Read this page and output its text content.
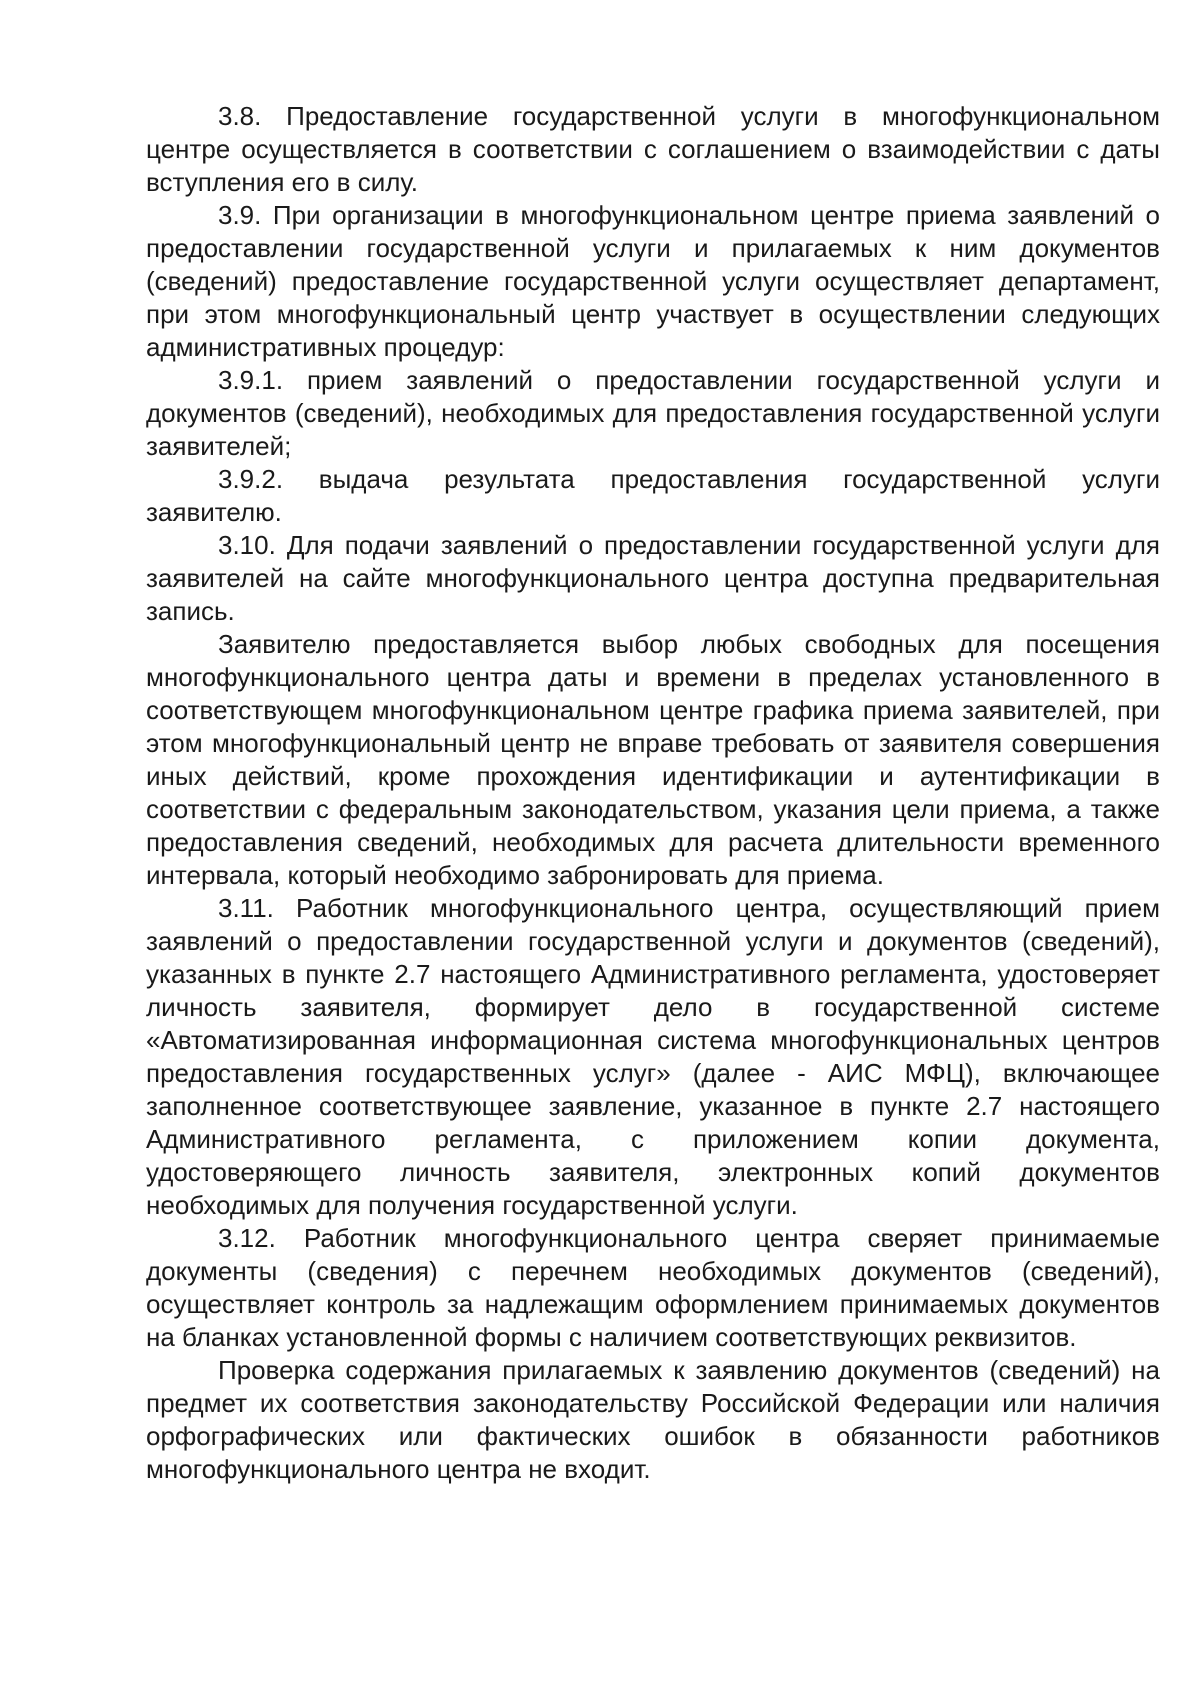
3.8. Предоставление государственной услуги в многофункциональном центре осуществляется в соответствии с соглашением о взаимодействии с даты вступления его в силу.

3.9. При организации в многофункциональном центре приема заявлений о предоставлении государственной услуги и прилагаемых к ним документов (сведений) предоставление государственной услуги осуществляет департамент, при этом многофункциональный центр участвует в осуществлении следующих административных процедур:

3.9.1. прием заявлений о предоставлении государственной услуги и документов (сведений), необходимых для предоставления государственной услуги заявителей;

3.9.2. выдача результата предоставления государственной услуги заявителю.

3.10. Для подачи заявлений о предоставлении государственной услуги для заявителей на сайте многофункционального центра доступна предварительная запись.

Заявителю предоставляется выбор любых свободных для посещения многофункционального центра даты и времени в пределах установленного в соответствующем многофункциональном центре графика приема заявителей, при этом многофункциональный центр не вправе требовать от заявителя совершения иных действий, кроме прохождения идентификации и аутентификации в соответствии с федеральным законодательством, указания цели приема, а также предоставления сведений, необходимых для расчета длительности временного интервала, который необходимо забронировать для приема.

3.11. Работник многофункционального центра, осуществляющий прием заявлений о предоставлении государственной услуги и документов (сведений), указанных в пункте 2.7 настоящего Административного регламента, удостоверяет личность заявителя, формирует дело в государственной системе «Автоматизированная информационная система многофункциональных центров предоставления государственных услуг» (далее - АИС МФЦ), включающее заполненное соответствующее заявление, указанное в пункте 2.7 настоящего Административного регламента, с приложением копии документа, удостоверяющего личность заявителя, электронных копий документов необходимых для получения государственной услуги.

3.12. Работник многофункционального центра сверяет принимаемые документы (сведения) с перечнем необходимых документов (сведений), осуществляет контроль за надлежащим оформлением принимаемых документов на бланках установленной формы с наличием соответствующих реквизитов.

Проверка содержания прилагаемых к заявлению документов (сведений) на предмет их соответствия законодательству Российской Федерации или наличия орфографических или фактических ошибок в обязанности работников многофункционального центра не входит.
